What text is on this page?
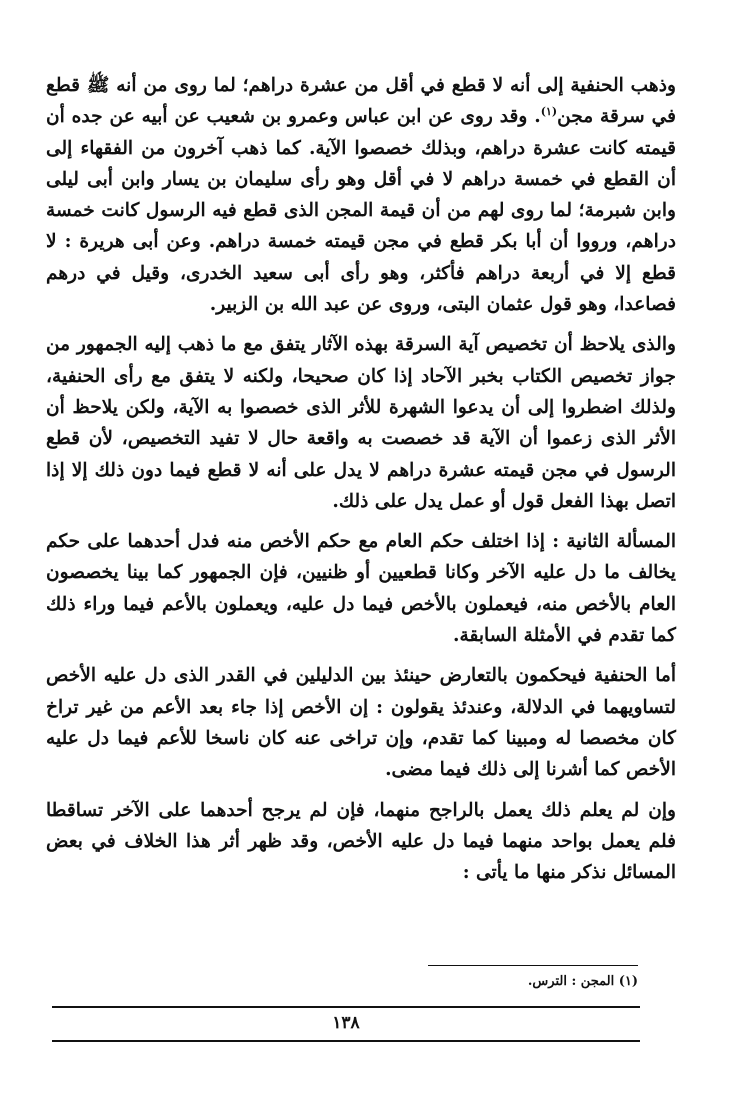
وذهب الحنفية إلى أنه لا قطع في أقل من عشرة دراهم؛ لما روى من أنه ﷺ قطع في سرقة مجن$^{(١)}$. وقد روى عن ابن عباس وعمرو بن شعيب عن أبيه عن جده أن قيمته كانت عشرة دراهم، وبذلك خصصوا الآية. كما ذهب آخرون من الفقهاء إلى أن القطع في خمسة دراهم لا في أقل وهو رأى سليمان بن يسار وابن أبى ليلى وابن شبرمة؛ لما روى لهم من أن قيمة المجن الذى قطع فيه الرسول كانت خمسة دراهم، ورووا أن أبا بكر قطع في مجن قيمته خمسة دراهم. وعن أبى هريرة : لا قطع إلا في أربعة دراهم فأكثر، وهو رأى أبى سعيد الخدرى، وقيل في درهم فصاعدا، وهو قول عثمان البتى، وروى عن عبد الله بن الزبير.

والذى يلاحظ أن تخصيص آية السرقة بهذه الآثار يتفق مع ما ذهب إليه الجمهور من جواز تخصيص الكتاب بخبر الآحاد إذا كان صحيحا، ولكنه لا يتفق مع رأى الحنفية، ولذلك اضطروا إلى أن يدعوا الشهرة للأثر الذى خصصوا به الآية، ولكن يلاحظ أن الأثر الذى زعموا أن الآية قد خصصت به واقعة حال لا تفيد التخصيص، لأن قطع الرسول في مجن قيمته عشرة دراهم لا يدل على أنه لا قطع فيما دون ذلك إلا إذا اتصل بهذا الفعل قول أو عمل يدل على ذلك.

المسألة الثانية : إذا اختلف حكم العام مع حكم الأخص منه فدل أحدهما على حكم يخالف ما دل عليه الآخر وكانا قطعيين أو ظنيين، فإن الجمهور كما بينا يخصصون العام بالأخص منه، فيعملون بالأخص فيما دل عليه، ويعملون بالأعم فيما وراء ذلك كما تقدم في الأمثلة السابقة.

أما الحنفية فيحكمون بالتعارض حينئذ بين الدليلين في القدر الذى دل عليه الأخص لتساويهما في الدلالة، وعندئذ يقولون : إن الأخص إذا جاء بعد الأعم من غير تراخ كان مخصصا له ومبينا كما تقدم، وإن تراخى عنه كان ناسخا للأعم فيما دل عليه الأخص كما أشرنا إلى ذلك فيما مضى.

وإن لم يعلم ذلك يعمل بالراجح منهما، فإن لم يرجح أحدهما على الآخر تساقطا فلم يعمل بواحد منهما فيما دل عليه الأخص، وقد ظهر أثر هذا الخلاف في بعض المسائل نذكر منها ما يأتى :

(١) المجن : الترس.
١٣٨
